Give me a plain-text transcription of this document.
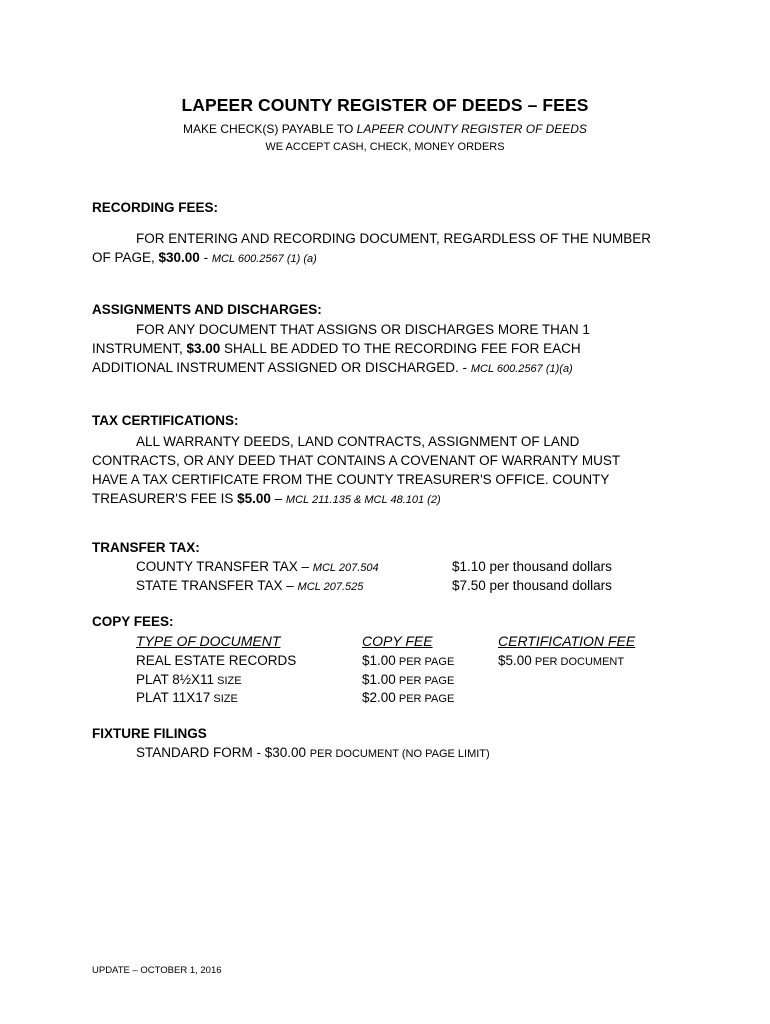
LAPEER COUNTY REGISTER OF DEEDS – FEES
MAKE CHECK(S) PAYABLE TO LAPEER COUNTY REGISTER OF DEEDS
WE ACCEPT CASH, CHECK, MONEY ORDERS
RECORDING FEES:
FOR ENTERING AND RECORDING DOCUMENT, REGARDLESS OF THE NUMBER
OF PAGE, $30.00 - MCL 600.2567 (1) (a)
ASSIGNMENTS AND DISCHARGES:
FOR ANY DOCUMENT THAT ASSIGNS OR DISCHARGES MORE THAN 1
INSTRUMENT, $3.00 SHALL BE ADDED TO THE RECORDING FEE FOR EACH
ADDITIONAL INSTRUMENT ASSIGNED OR DISCHARGED. - MCL 600.2567 (1)(a)
TAX CERTIFICATIONS:
ALL WARRANTY DEEDS, LAND CONTRACTS, ASSIGNMENT OF LAND
CONTRACTS, OR ANY DEED THAT CONTAINS A COVENANT OF WARRANTY MUST
HAVE A TAX CERTIFICATE FROM THE COUNTY TREASURER'S OFFICE. COUNTY
TREASURER'S FEE IS $5.00 – MCL 211.135 & MCL 48.101 (2)
TRANSFER TAX:
COUNTY TRANSFER TAX – MCL 207.504	$1.10 per thousand dollars
STATE TRANSFER TAX – MCL 207.525	$7.50 per thousand dollars
COPY FEES:
TYPE OF DOCUMENT	COPY FEE	CERTIFICATION FEE
REAL ESTATE RECORDS	$1.00 PER PAGE	$5.00 PER DOCUMENT
PLAT 8½X11 SIZE	$1.00 PER PAGE
PLAT 11X17 SIZE	$2.00 PER PAGE
FIXTURE FILINGS
STANDARD FORM - $30.00 PER DOCUMENT (NO PAGE LIMIT)
UPDATE – OCTOBER 1, 2016
